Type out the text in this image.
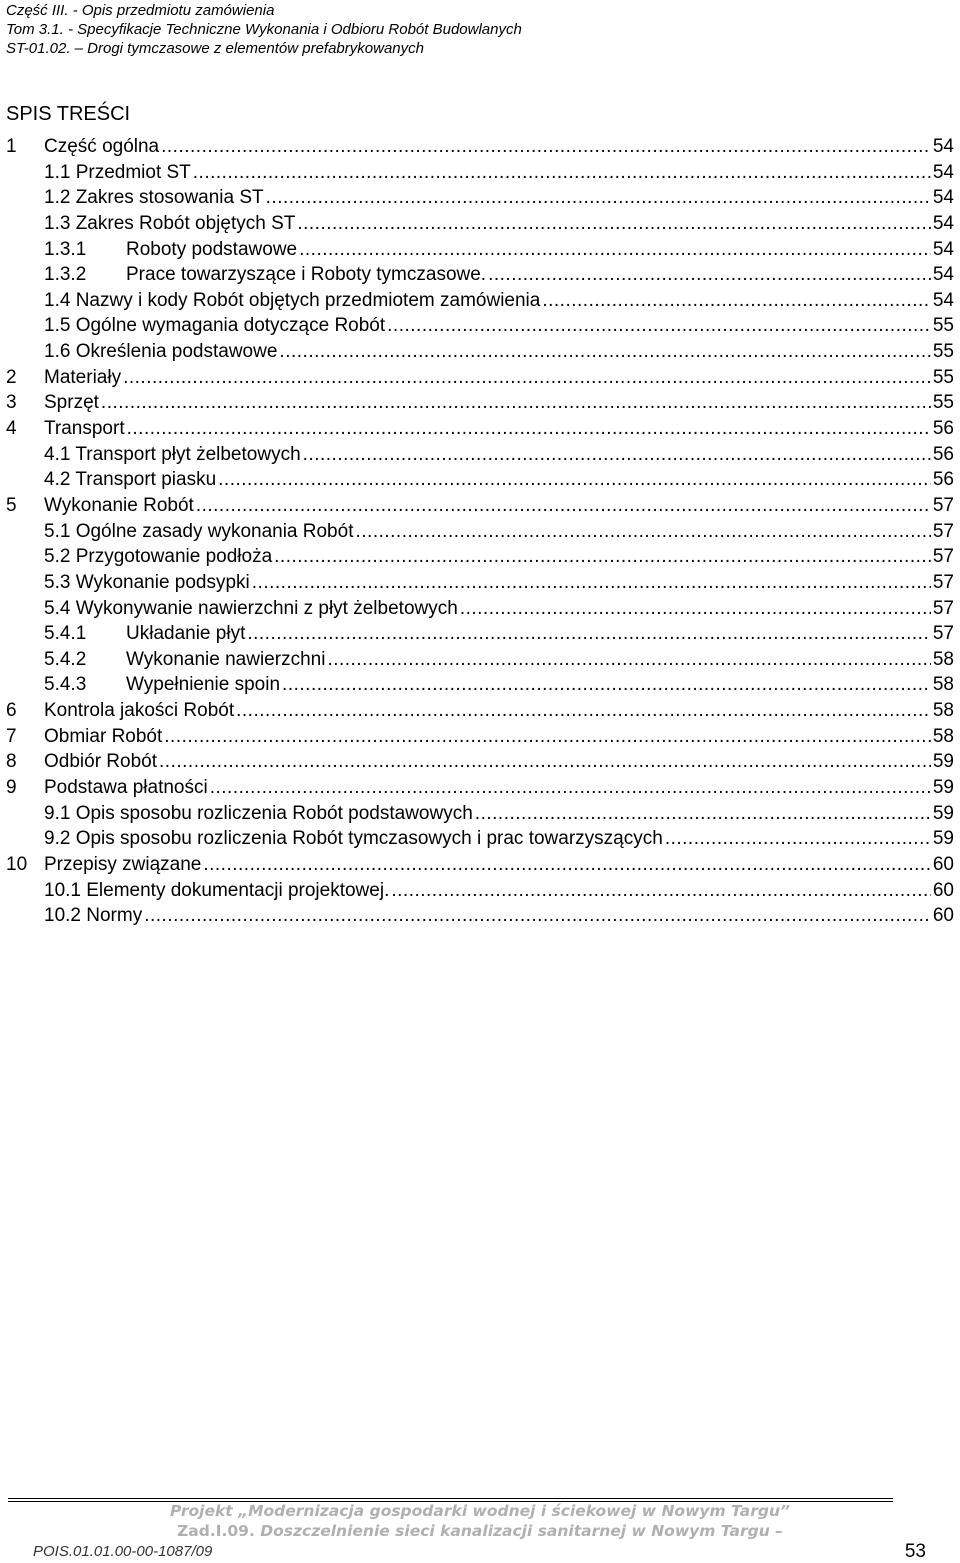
Część III. - Opis przedmiotu zamówienia
Tom 3.1. - Specyfikacje Techniczne Wykonania i Odbioru Robót Budowlanych
ST-01.02. – Drogi tymczasowe z elementów prefabrykowanych
SPIS TREŚCI
1	Część ogólna .....	54
1.1 Przedmiot ST .....	54
1.2 Zakres stosowania ST .....	54
1.3 Zakres Robót objętych ST .....	54
1.3.1	Roboty podstawowe .....	54
1.3.2	Prace towarzyszące i Roboty tymczasowe. .....	54
1.4 Nazwy i kody Robót objętych przedmiotem zamówienia .....	54
1.5 Ogólne wymagania dotyczące Robót .....	55
1.6 Określenia podstawowe .....	55
2	Materiały .....	55
3	Sprzęt .....	55
4	Transport .....	56
4.1 Transport płyt żelbetowych .....	56
4.2 Transport piasku .....	56
5	Wykonanie Robót .....	57
5.1 Ogólne zasady wykonania Robót .....	57
5.2 Przygotowanie podłoża .....	57
5.3 Wykonanie podsypki .....	57
5.4 Wykonywanie nawierzchni z płyt żelbetowych .....	57
5.4.1	Układanie płyt .....	57
5.4.2	Wykonanie nawierzchni .....	58
5.4.3	Wypełnienie spoin .....	58
6	Kontrola jakości Robót .....	58
7	Obmiar Robót .....	58
8	Odbiór Robót .....	59
9	Podstawa płatności .....	59
9.1 Opis sposobu rozliczenia Robót podstawowych .....	59
9.2 Opis sposobu rozliczenia Robót tymczasowych i prac towarzyszących .....	59
10 Przepisy związane .....	60
10.1 Elementy dokumentacji projektowej. .....	60
10.2 Normy .....	60
Projekt „Modernizacja gospodarki wodnej i ściekowej w Nowym Targu”
Zad.I.09. Doszczelnienie sieci kanalizacji sanitarnej w Nowym Targu –
POIS.01.01.00-00-1087/09	53
